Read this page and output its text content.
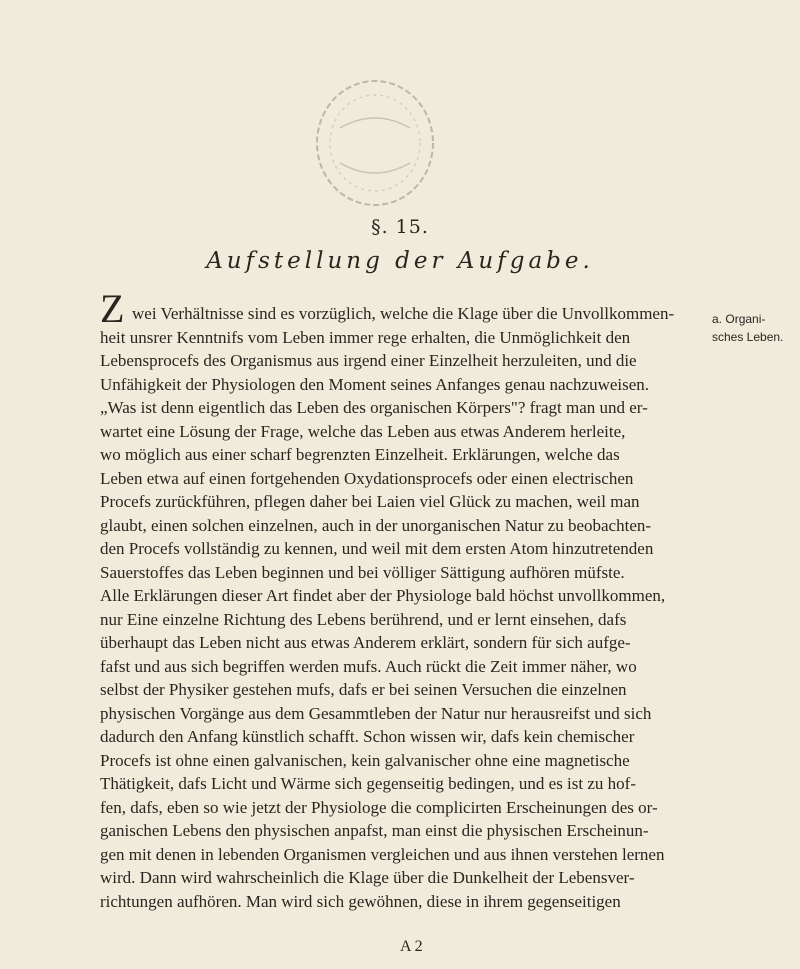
§. 15.
Aufstellung der Aufgabe.
a. Organi-
sches Leben.
Z wei Verhältnisse sind es vorzüglich, welche die Klage über die Unvollkommen-
heit unsrer Kenntnifs vom Leben immer rege erhalten, die Unmöglichkeit den
Lebensprocefs des Organismus aus irgend einer Einzelheit herzuleiten, und die
Unfähigkeit der Physiologen den Moment seines Anfanges genau nachzuweisen.
„Was ist denn eigentlich das Leben des organischen Körpers"? fragt man und er-
wartet eine Lösung der Frage, welche das Leben aus etwas Anderem herleite,
wo möglich aus einer scharf begrenzten Einzelheit. Erklärungen, welche das
Leben etwa auf einen fortgehenden Oxydationsprocefs oder einen electrischen
Procefs zurückführen, pflegen daher bei Laien viel Glück zu machen, weil man
glaubt, einen solchen einzelnen, auch in der unorganischen Natur zu beobachten-
den Procefs vollständig zu kennen, und weil mit dem ersten Atom hinzutretenden
Sauerstoffes das Leben beginnen und bei völliger Sättigung aufhören müfste.
Alle Erklärungen dieser Art findet aber der Physiologe bald höchst unvollkommen,
nur Eine einzelne Richtung des Lebens berührend, und er lernt einsehen, dafs
überhaupt das Leben nicht aus etwas Anderem erklärt, sondern für sich aufge-
fafst und aus sich begriffen werden mufs. Auch rückt die Zeit immer näher, wo
selbst der Physiker gestehen mufs, dafs er bei seinen Versuchen die einzelnen
physischen Vorgänge aus dem Gesammtleben der Natur nur herausreifst und sich
dadurch den Anfang künstlich schafft. Schon wissen wir, dafs kein chemischer
Procefs ist ohne einen galvanischen, kein galvanischer ohne eine magnetische
Thätigkeit, dafs Licht und Wärme sich gegenseitig bedingen, und es ist zu hof-
fen, dafs, eben so wie jetzt der Physiologe die complicirten Erscheinungen des or-
ganischen Lebens den physischen anpafst, man einst die physischen Erscheinun-
gen mit denen in lebenden Organismen vergleichen und aus ihnen verstehen lernen
wird. Dann wird wahrscheinlich die Klage über die Dunkelheit der Lebensver-
richtungen aufhören. Man wird sich gewöhnen, diese in ihrem gegenseitigen
A 2
